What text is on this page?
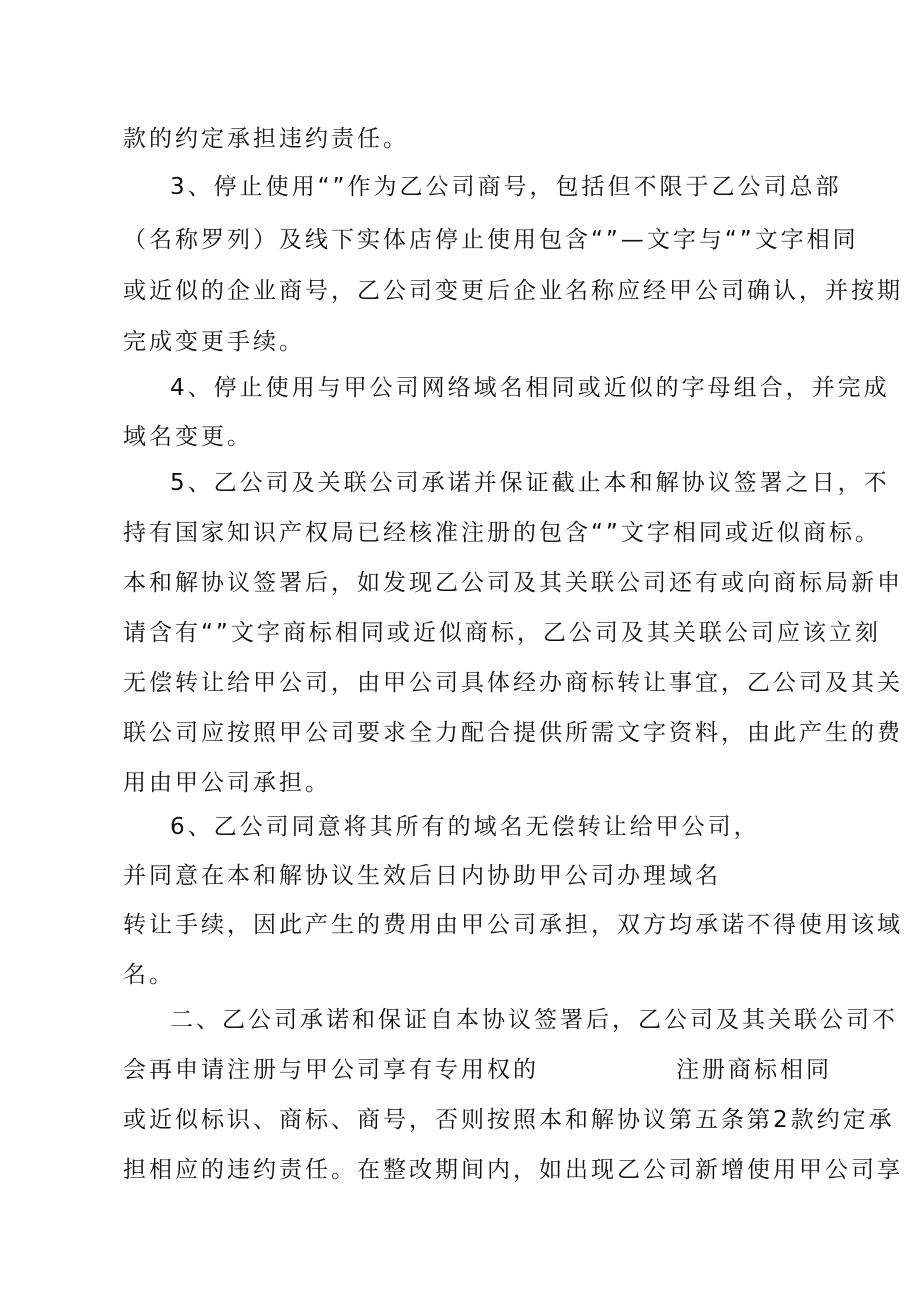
款的约定承担违约责任。
3、停止使用“”作为乙公司商号，包括但不限于乙公司总部
（名称罗列）及线下实体店停止使用包含“”—文字与“”文字相同
或近似的企业商号，乙公司变更后企业名称应经甲公司确认，并按期
完成变更手续。
4、停止使用与甲公司网络域名相同或近似的字母组合，并完成
域名变更。
5、乙公司及关联公司承诺并保证截止本和解协议签署之日，不
持有国家知识产权局已经核准注册的包含“”文字相同或近似商标。
本和解协议签署后，如发现乙公司及其关联公司还有或向商标局新申
请含有“”文字商标相同或近似商标，乙公司及其关联公司应该立刻
无偿转让给甲公司，由甲公司具体经办商标转让事宜，乙公司及其关
联公司应按照甲公司要求全力配合提供所需文字资料，由此产生的费
用由甲公司承担。
6、乙公司同意将其所有的域名无偿转让给甲公司，
并同意在本和解协议生效后日内协助甲公司办理域名
转让手续，因此产生的费用由甲公司承担，双方均承诺不得使用该域
名。
二、乙公司承诺和保证自本协议签署后，乙公司及其关联公司不
会再申请注册与甲公司享有专用权的	注册商标相同
或近似标识、商标、商号，否则按照本和解协议第五条第2款约定承
担相应的违约责任。在整改期间内，如出现乙公司新增使用甲公司享
